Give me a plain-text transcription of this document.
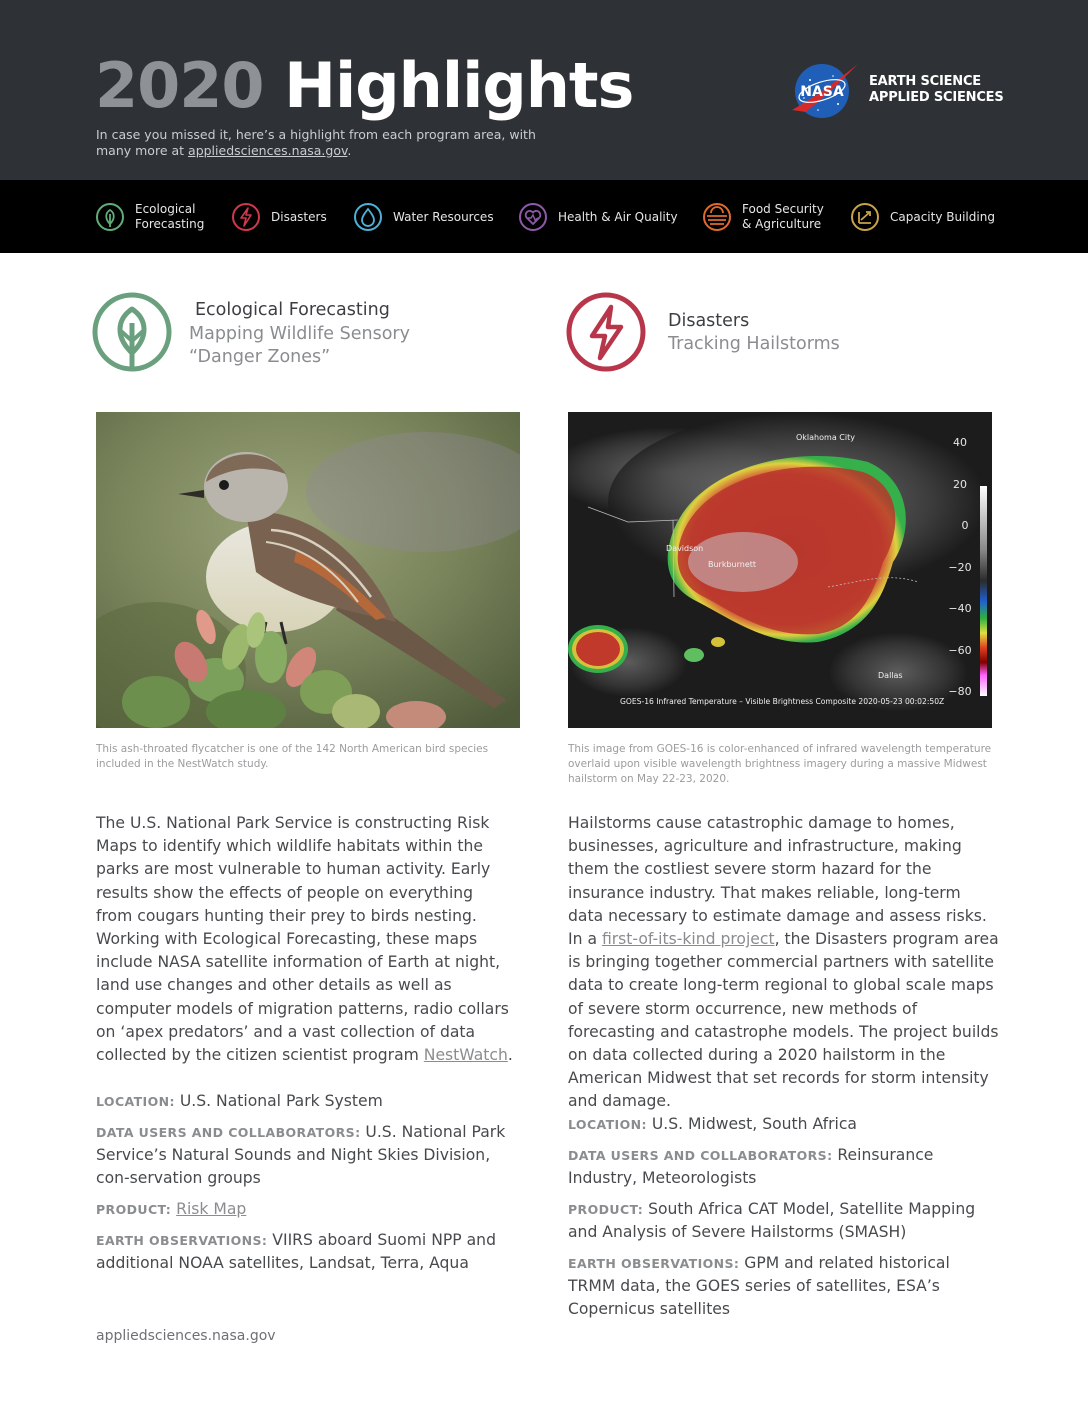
2020 Highlights
In case you missed it, here’s a highlight from each program area, with many more at appliedsciences.nasa.gov.
NASA
EARTH SCIENCE
APPLIED SCIENCES
Ecological
Forecasting
Disasters	Water Resources	Health & Air Quality
Food Security
& Agriculture
Capacity Building
Ecological Forecasting
Mapping Wildlife Sensory
“Danger Zones”
Disasters
Tracking Hailstorms
This ash-throated flycatcher is one of the 142 North American bird species included in the NestWatch study.
40
20
0
−20
−40
−60
−80
Oklahoma City
Davidson
Burkburnett
Dallas
GOES-16 Infrared Temperature – Visible Brightness Composite 2020-05-23 00:02:50Z
This image from GOES-16 is color-enhanced of infrared wavelength temperature overlaid upon visible wavelength brightness imagery during a massive Midwest hailstorm on May 22-23, 2020.
The U.S. National Park Service is constructing Risk Maps to identify which wildlife habitats within the parks are most vulnerable to human activity. Early results show the effects of people on everything from cougars hunting their prey to birds nesting. Working with Ecological Forecasting, these maps include NASA satellite information of Earth at night, land use changes and other details as well as computer models of migration patterns, radio collars on ‘apex predators’ and a vast collection of data collected by the citizen scientist program NestWatch.
LOCATION: U.S. National Park System
DATA USERS AND COLLABORATORS: U.S. National Park Service’s Natural Sounds and Night Skies Division, con-servation groups
PRODUCT: Risk Map
EARTH OBSERVATIONS: VIIRS aboard Suomi NPP and additional NOAA satellites, Landsat, Terra, Aqua
Hailstorms cause catastrophic damage to homes, businesses, agriculture and infrastructure, making them the costliest severe storm hazard for the insurance industry. That makes reliable, long-term data necessary to estimate damage and assess risks. In a first-of-its-kind project, the Disasters program area is bringing together commercial partners with satellite data to create long-term regional to global scale maps of severe storm occurrence, new methods of forecasting and catastrophe models. The project builds on data collected during a 2020 hailstorm in the American Midwest that set records for storm intensity and damage.
LOCATION: U.S. Midwest, South Africa
DATA USERS AND COLLABORATORS: Reinsurance Industry, Meteorologists
PRODUCT: South Africa CAT Model, Satellite Mapping and Analysis of Severe Hailstorms (SMASH)
EARTH OBSERVATIONS: GPM and related historical TRMM data, the GOES series of satellites, ESA’s Copernicus satellites
appliedsciences.nasa.gov
